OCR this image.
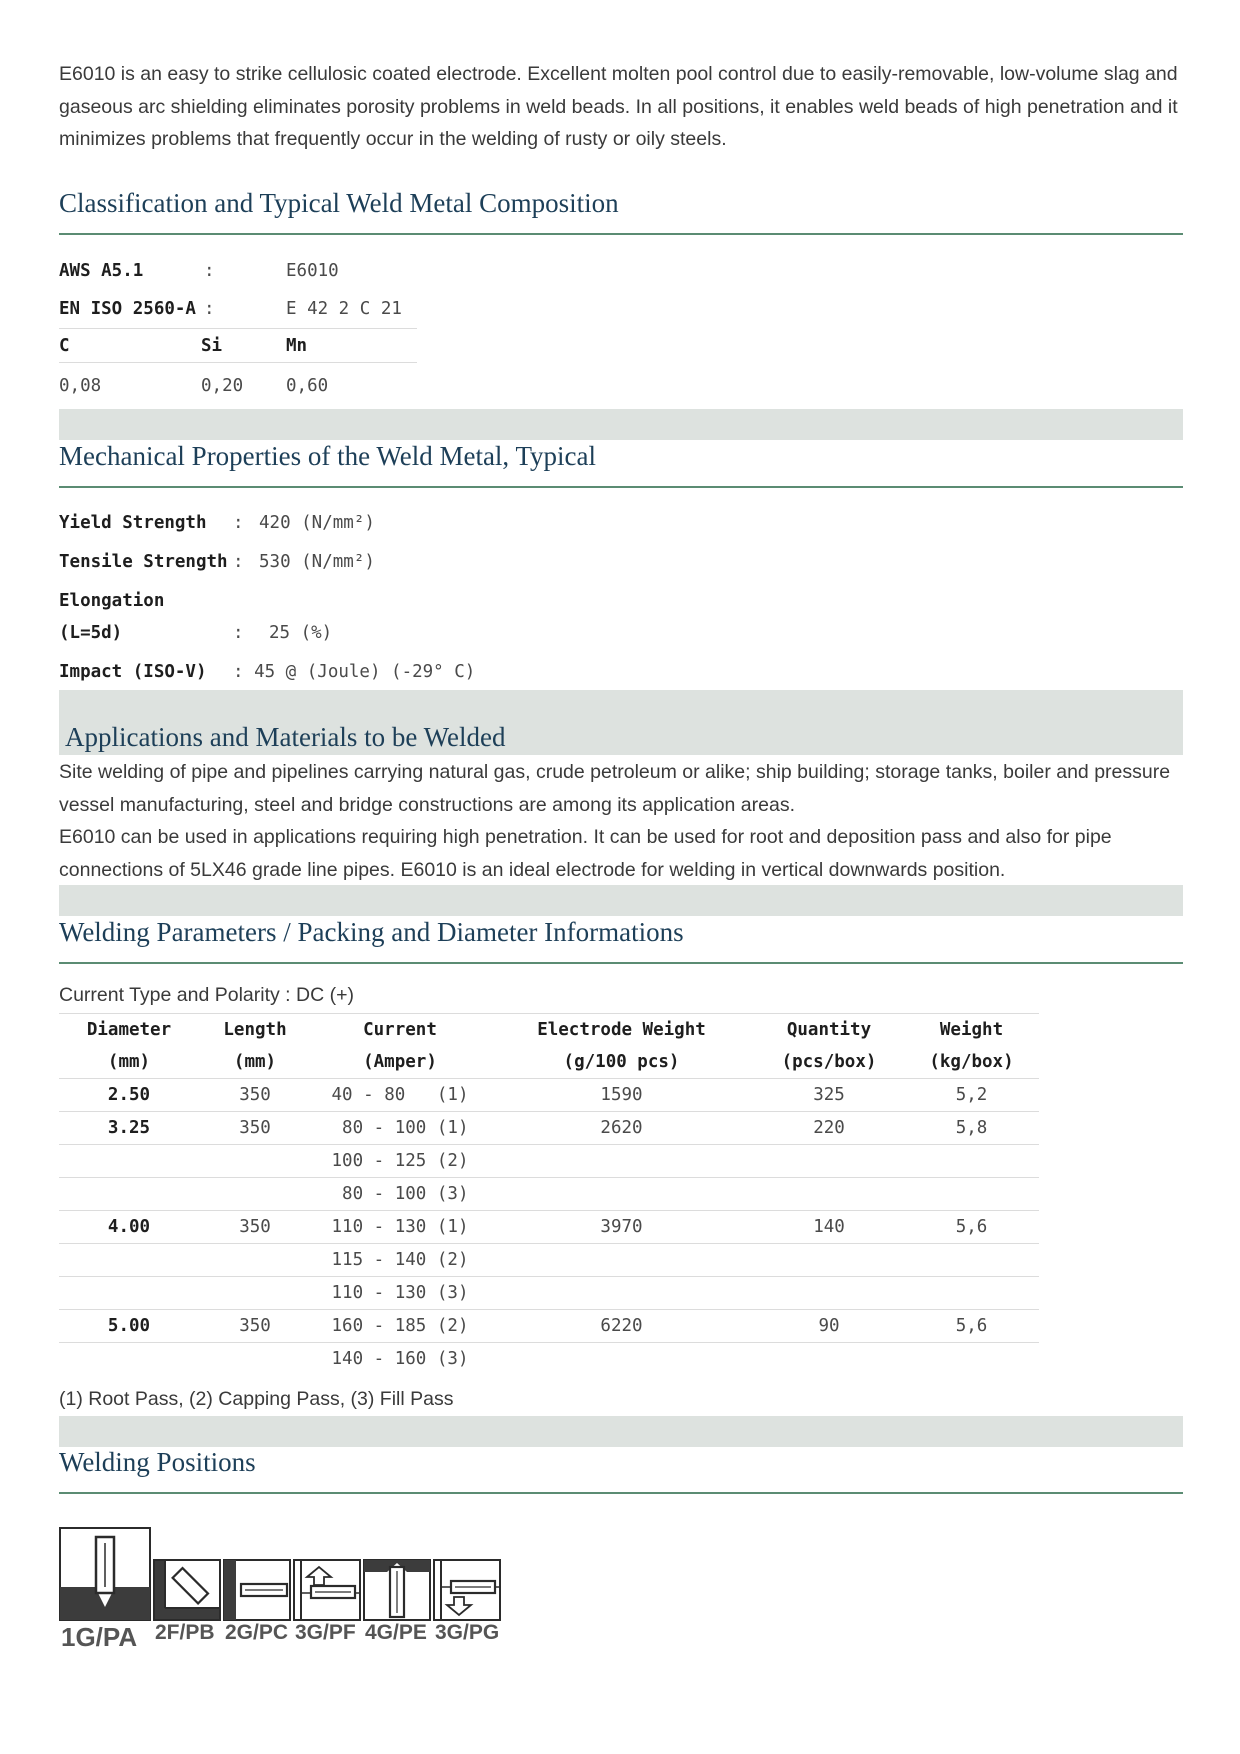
E6010 is an easy to strike cellulosic coated electrode. Excellent molten pool control due to easily-removable, low-volume slag and gaseous arc shielding eliminates porosity problems in weld beads. In all positions, it enables weld beads of high penetration and it minimizes problems that frequently occur in the welding of rusty or oily steels.

Classification and Typical Weld Metal Composition
AWS A5.1	:	E6010
EN ISO 2560-A :	E 42 2 C 21
C	Si	Mn
0,08	0,20 0,60
Mechanical Properties of the Weld Metal, Typical
Yield Strength : 420 (N/mm²)
Tensile Strength : 530 (N/mm²)
Elongation
(L=5d)	: 25 (%)
Impact (ISO-V) : 45 @ (Joule) (-29° C)
Applications and Materials to be Welded

Site welding of pipe and pipelines carrying natural gas, crude petroleum or alike; ship building; storage tanks, boiler and pressure vessel manufacturing, steel and bridge constructions are among its application areas.

E6010 can be used in applications requiring high penetration. It can be used for root and deposition pass and also for pipe connections of 5LX46 grade line pipes. E6010 is an ideal electrode for welding in vertical downwards position.

Welding Parameters / Packing and Diameter Informations
Current Type and Polarity : DC (+)
Diameter	Length	Current	Electrode Weight	Quantity	Weight
(mm)	(mm)	(Amper)	(g/100 pcs)	(pcs/box)	(kg/box)
2.50	350	40 - 80   (1)	1590	325	5,2
3.25	350	80 - 100 (1)	2620	220	5,8
		100 - 125 (2)			
		80 - 100 (3)			
4.00	350	110 - 130 (1)	3970	140	5,6
		115 - 140 (2)			
		110 - 130 (3)			
5.00	350	160 - 185 (2)	6220	90	5,6
		140 - 160 (3)			
(1) Root Pass, (2) Capping Pass, (3) Fill Pass
Welding Positions
1G/PA 2F/PB 2G/PC 3G/PF 4G/PE 3G/PG
